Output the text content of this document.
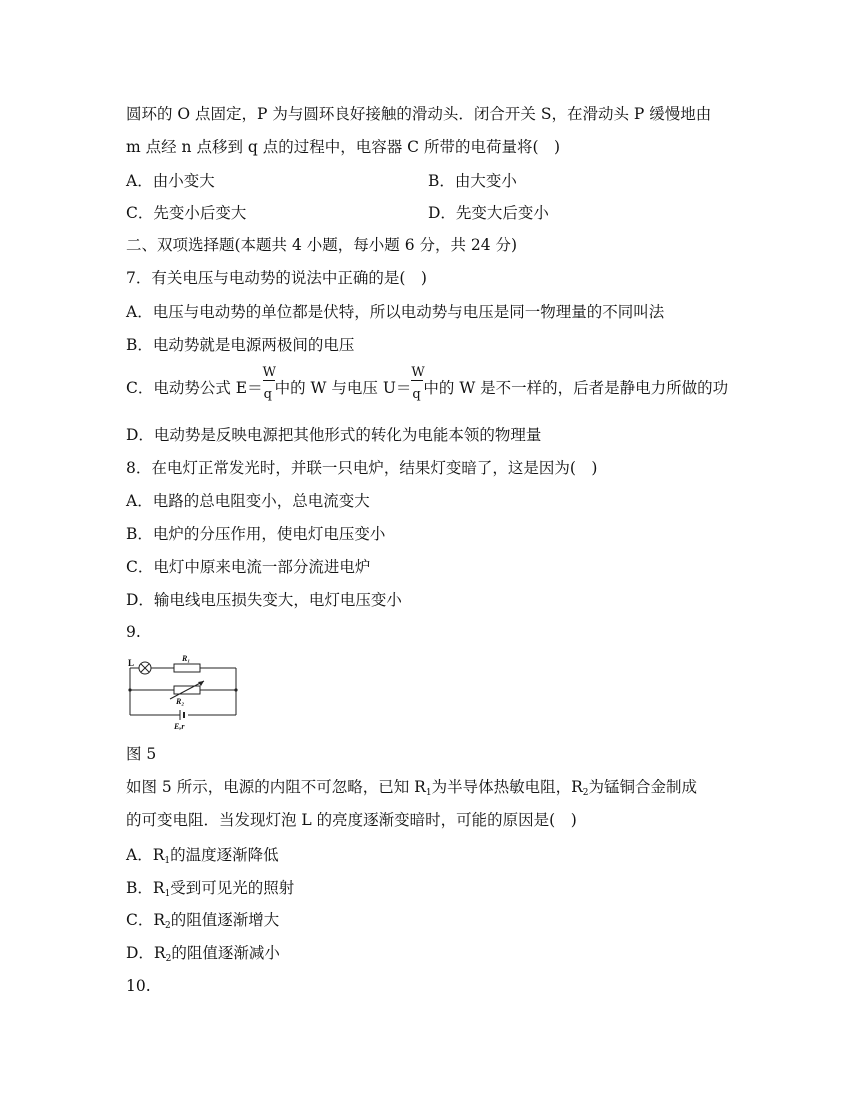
圆环的 O 点固定，P 为与圆环良好接触的滑动头．闭合开关 S，在滑动头 P 缓慢地由
m 点经 n 点移到 q 点的过程中，电容器 C 所带的电荷量将(　)
A．由小变大	B．由大变小
C．先变小后变大	D．先变大后变小
二、双项选择题(本题共 4 小题，每小题 6 分，共 24 分)
7．有关电压与电动势的说法中正确的是(　)
A．电压与电动势的单位都是伏特，所以电动势与电压是同一物理量的不同叫法
B．电动势就是电源两极间的电压
C．电动势公式 $E= \frac{W}{q}$ 中的 W 与电压 $U= \frac{W}{q}$ 中的 W 是不一样的，后者是静电力所做的功
D．电动势是反映电源把其他形式的转化为电能本领的物理量
8．在电灯正常发光时，并联一只电炉，结果灯变暗了，这是因为(　)
A．电路的总电阻变小，总电流变大
B．电炉的分压作用，使电灯电压变小
C．电灯中原来电流一部分流进电炉
D．输电线电压损失变大，电灯电压变小
9.
L	R₁
R₂
E,r
图 5
如图 5 所示，电源的内阻不可忽略，已知 $R_1$为半导体热敏电阻，$R_2$为锰铜合金制成
的可变电阻．当发现灯泡 L 的亮度逐渐变暗时，可能的原因是(　)
A．$R_1$的温度逐渐降低
B．$R_1$受到可见光的照射
C．$R_2$的阻值逐渐增大
D．$R_2$的阻值逐渐减小
10.
